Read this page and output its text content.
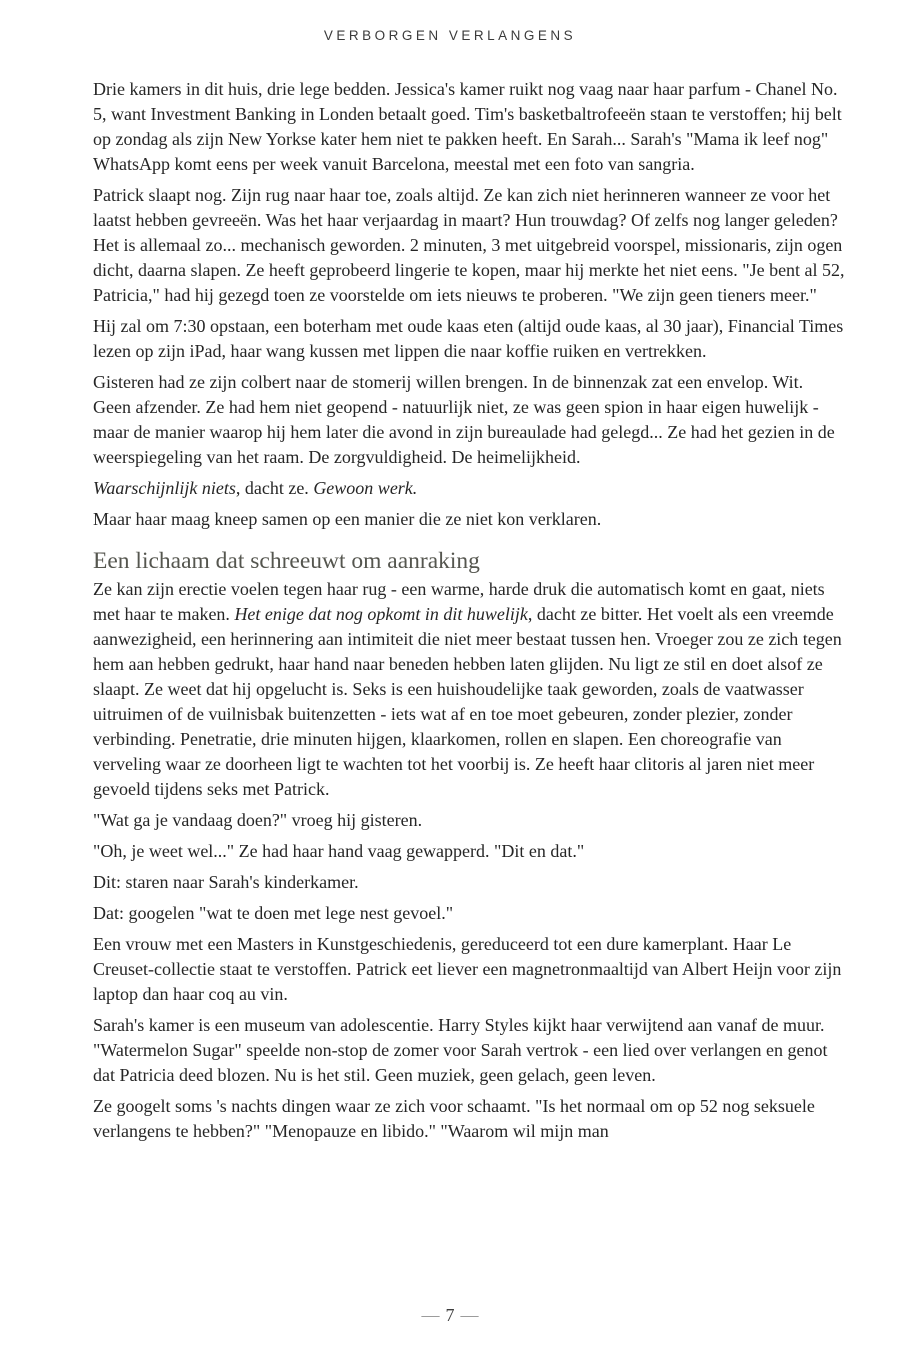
VERBORGEN VERLANGENS

Drie kamers in dit huis, drie lege bedden. Jessica's kamer ruikt nog vaag naar haar parfum - Chanel No. 5, want Investment Banking in Londen betaalt goed. Tim's basketbaltrofeeën staan te verstoffen; hij belt op zondag als zijn New Yorkse kater hem niet te pakken heeft. En Sarah... Sarah's "Mama ik leef nog" WhatsApp komt eens per week vanuit Barcelona, meestal met een foto van sangria.

Patrick slaapt nog. Zijn rug naar haar toe, zoals altijd. Ze kan zich niet herinneren wanneer ze voor het laatst hebben gevreeën. Was het haar verjaardag in maart? Hun trouwdag? Of zelfs nog langer geleden? Het is allemaal zo... mechanisch geworden. 2 minuten, 3 met uitgebreid voorspel, missionaris, zijn ogen dicht, daarna slapen. Ze heeft geprobeerd lingerie te kopen, maar hij merkte het niet eens. "Je bent al 52, Patricia," had hij gezegd toen ze voorstelde om iets nieuws te proberen. "We zijn geen tieners meer."

Hij zal om 7:30 opstaan, een boterham met oude kaas eten (altijd oude kaas, al 30 jaar), Financial Times lezen op zijn iPad, haar wang kussen met lippen die naar koffie ruiken en vertrekken.

Gisteren had ze zijn colbert naar de stomerij willen brengen. In de binnenzak zat een envelop. Wit. Geen afzender. Ze had hem niet geopend - natuurlijk niet, ze was geen spion in haar eigen huwelijk - maar de manier waarop hij hem later die avond in zijn bureaulade had gelegd... Ze had het gezien in de weerspiegeling van het raam. De zorgvuldigheid. De heimelijkheid.

Waarschijnlijk niets, dacht ze. Gewoon werk.

Maar haar maag kneep samen op een manier die ze niet kon verklaren.

Een lichaam dat schreeuwt om aanraking

Ze kan zijn erectie voelen tegen haar rug - een warme, harde druk die automatisch komt en gaat, niets met haar te maken. Het enige dat nog opkomt in dit huwelijk, dacht ze bitter. Het voelt als een vreemde aanwezigheid, een herinnering aan intimiteit die niet meer bestaat tussen hen. Vroeger zou ze zich tegen hem aan hebben gedrukt, haar hand naar beneden hebben laten glijden. Nu ligt ze stil en doet alsof ze slaapt. Ze weet dat hij opgelucht is. Seks is een huishoudelijke taak geworden, zoals de vaatwasser uitruimen of de vuilnisbak buitenzetten - iets wat af en toe moet gebeuren, zonder plezier, zonder verbinding. Penetratie, drie minuten hijgen, klaarkomen, rollen en slapen. Een choreografie van verveling waar ze doorheen ligt te wachten tot het voorbij is. Ze heeft haar clitoris al jaren niet meer gevoeld tijdens seks met Patrick.

"Wat ga je vandaag doen?" vroeg hij gisteren.

"Oh, je weet wel..." Ze had haar hand vaag gewapperd. "Dit en dat."

Dit: staren naar Sarah's kinderkamer.

Dat: googelen "wat te doen met lege nest gevoel."

Een vrouw met een Masters in Kunstgeschiedenis, gereduceerd tot een dure kamerplant. Haar Le Creuset-collectie staat te verstoffen. Patrick eet liever een magnetronmaaltijd van Albert Heijn voor zijn laptop dan haar coq au vin.

Sarah's kamer is een museum van adolescentie. Harry Styles kijkt haar verwijtend aan vanaf de muur. "Watermelon Sugar" speelde non-stop de zomer voor Sarah vertrok - een lied over verlangen en genot dat Patricia deed blozen. Nu is het stil. Geen muziek, geen gelach, geen leven.

Ze googelt soms 's nachts dingen waar ze zich voor schaamt. "Is het normaal om op 52 nog seksuele verlangens te hebben?" "Menopauze en libido." "Waarom wil mijn man

— 7 —
